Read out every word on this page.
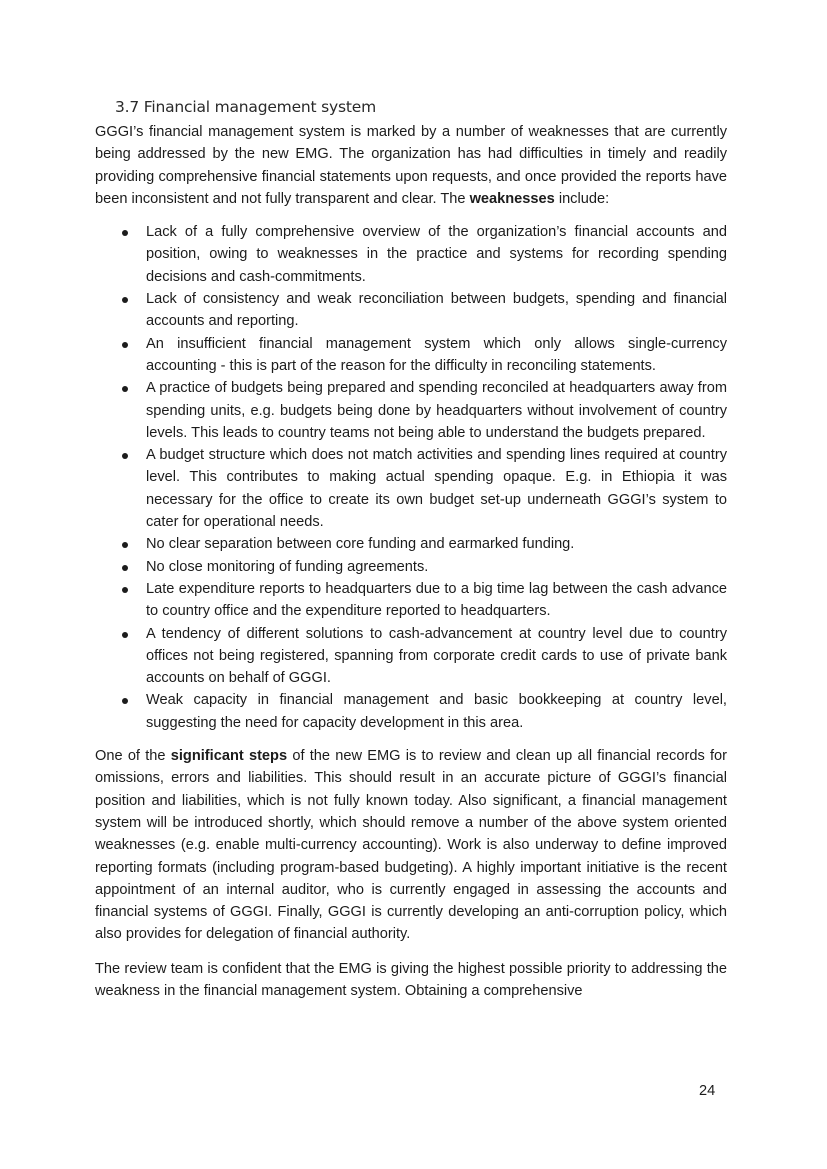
3.7 Financial management system

GGGI’s financial management system is marked by a number of weaknesses that are currently being addressed by the new EMG. The organization has had difficulties in timely and readily providing comprehensive financial statements upon requests, and once provided the reports have been inconsistent and not fully transparent and clear. The weaknesses include:

Lack of a fully comprehensive overview of the organization’s financial accounts and position, owing to weaknesses in the practice and systems for recording spending decisions and cash-commitments.
Lack of consistency and weak reconciliation between budgets, spending and financial accounts and reporting.
An insufficient financial management system which only allows single-currency accounting - this is part of the reason for the difficulty in reconciling statements.
A practice of budgets being prepared and spending reconciled at headquarters away from spending units, e.g. budgets being done by headquarters without involvement of country levels. This leads to country teams not being able to understand the budgets prepared.
A budget structure which does not match activities and spending lines required at country level. This contributes to making actual spending opaque. E.g. in Ethiopia it was necessary for the office to create its own budget set-up underneath GGGI’s system to cater for operational needs.
No clear separation between core funding and earmarked funding.
No close monitoring of funding agreements.
Late expenditure reports to headquarters due to a big time lag between the cash advance to country office and the expenditure reported to headquarters.
A tendency of different solutions to cash-advancement at country level due to country offices not being registered, spanning from corporate credit cards to use of private bank accounts on behalf of GGGI.
Weak capacity in financial management and basic bookkeeping at country level, suggesting the need for capacity development in this area.

One of the significant steps of the new EMG is to review and clean up all financial records for omissions, errors and liabilities. This should result in an accurate picture of GGGI’s financial position and liabilities, which is not fully known today. Also significant, a financial management system will be introduced shortly, which should remove a number of the above system oriented weaknesses (e.g. enable multi-currency accounting). Work is also underway to define improved reporting formats (including program-based budgeting). A highly important initiative is the recent appointment of an internal auditor, who is currently engaged in assessing the accounts and financial systems of GGGI. Finally, GGGI is currently developing an anti-corruption policy, which also provides for delegation of financial authority.

The review team is confident that the EMG is giving the highest possible priority to addressing the weakness in the financial management system. Obtaining a comprehensive

24
